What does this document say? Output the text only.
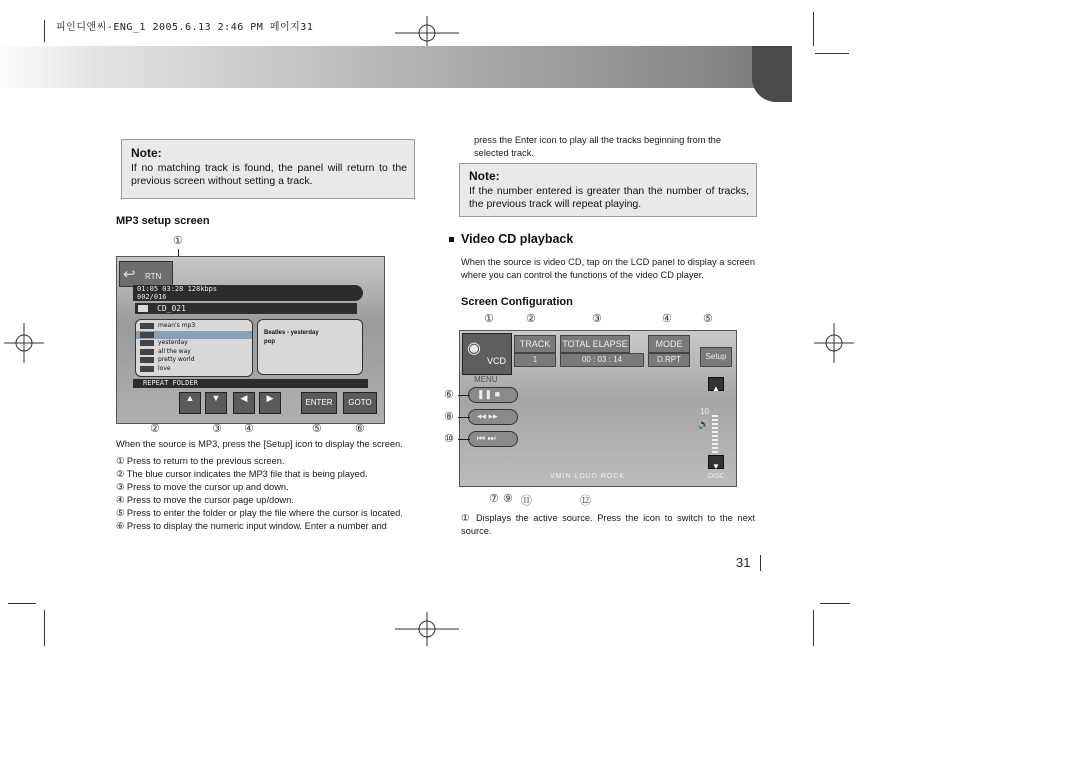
피인디앤씨-ENG_1 2005.6.13 2:46 PM 페이지31
Note:
If no matching track is found, the panel will return to the previous screen without setting a track.
MP3 setup screen
①
↩ RTN
01:05 03:28 128kbps
002/016
CD_021
mean's mp3
yesterday
all the way
pretty world
love
Beatles - yesterday
pop
REPEAT FOLDER
▲	▼	◀	▶	ENTER	GOTO
②	③ ④	⑤	⑥
When the source is MP3, press the [Setup] icon to display the screen.
① Press to return to the previous screen.
② The blue cursor indicates the MP3 file that is being played.
③ Press to move the cursor up and down.
④ Press to move the cursor page up/down.
⑤ Press to enter the folder or play the file where the cursor is located.
⑥ Press to display the numeric input window. Enter a number and
press the Enter icon to play all the tracks beginning from the selected track.
Note:
If the number entered is greater than the number of tracks, the previous track will repeat playing.
Video CD playback
When the source is video CD, tap on the LCD panel to display a screen where you can control the functions of the video CD player.
Screen Configuration
①	②	③	④	⑤
◉
VCD
TRACK	TOTAL ELAPSE	MODE
Setup
1	00 : 03 : 14	D.RPT
MENU
❚❚ ■
◂◂ ▸▸
⏮ ⏭
▲
10
🔊
▼
VMIN LOUD ROCK	DISC
⑥
⑧
⑩
⑦ ⑨ ⑪	⑫
① Displays the active source. Press the icon to switch to the next source.
31
